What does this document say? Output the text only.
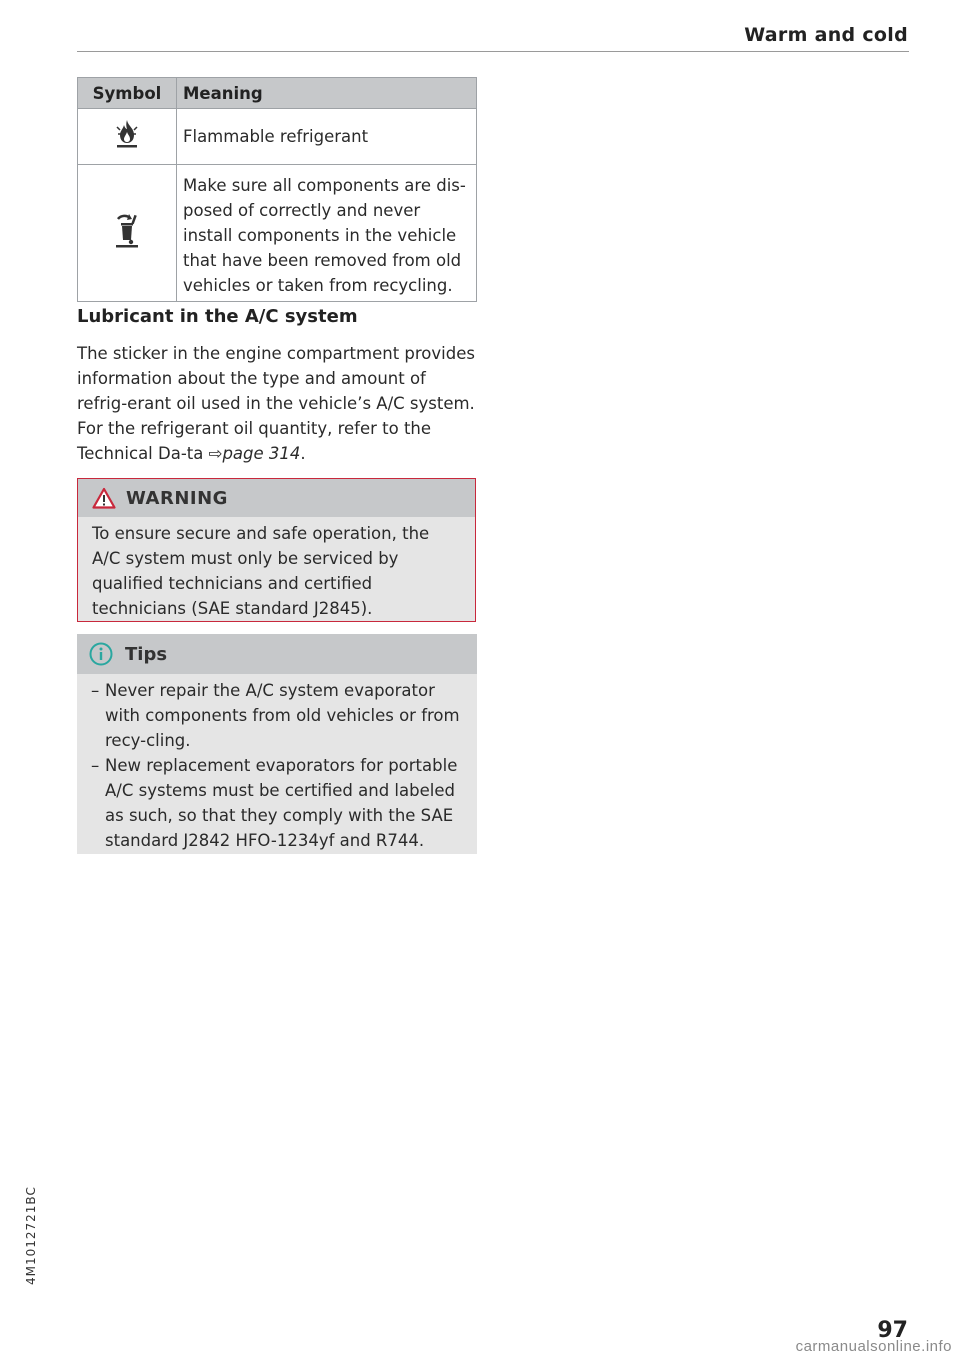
Warm and cold
Symbol	Meaning
	Flammable refrigerant
	Make sure all components are dis-posed of correctly and never install components in the vehicle that have been removed from old vehicles or taken from recycling.
Lubricant in the A/C system

The sticker in the engine compartment provides information about the type and amount of refrig-erant oil used in the vehicle’s A/C system. For the refrigerant oil quantity, refer to the Technical Da-ta ⇨page 314.

WARNING
To ensure secure and safe operation, the A/C system must only be serviced by qualified technicians and certified technicians (SAE standard J2845).
Tips
– Never repair the A/C system evaporator with components from old vehicles or from recy-cling.
– New replacement evaporators for portable A/C systems must be certified and labeled as such, so that they comply with the SAE standard J2842 HFO-1234yf and R744.
4M1012721BC
97
carmanualsonline.info
